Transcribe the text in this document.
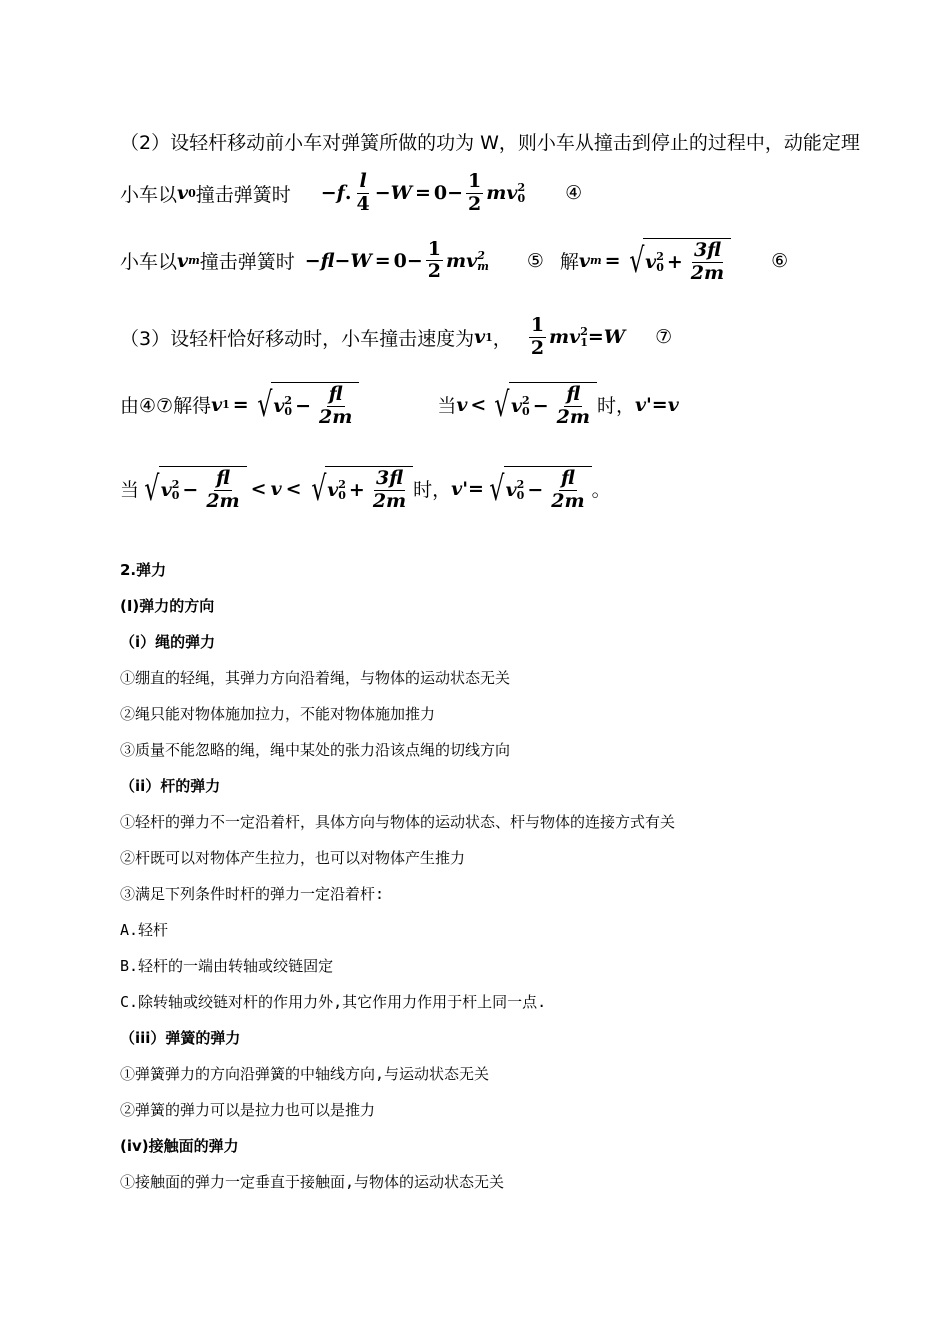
（2）设轻杆移动前小车对弹簧所做的功为 W，则小车从撞击到停止的过程中，动能定理
小车以 v 0 撞击弹簧时 − f . $\frac{l}{4} - W = 0 - \frac{1}{2}$ mv 2
0 ④
小车以 v m 撞击弹簧时 $-fl-W = 0 - \frac{1}{2}$ mv 2
m ⑤ 解 v m = √ v 2
$0 + \frac{3fl}{2m}$ ⑥
（3）设轻杆恰好移动时，小车撞击速度为 v 1 ， $\frac{1}{2}$ mv 2
1 =W ⑦
由④⑦解得 v 1 = √ v 2
$0 - \frac{fl}{2m}$	当 v < √ v 2
$0 - \frac{fl}{2m}$ 时， v'=v
当 √ v 2
$0 - \frac{fl}{2m} < v$ < √ v 2
$0 + \frac{3fl}{2m}$ 时， v'= √ v 2
$0 - \frac{fl}{2m}$ 。
2.弹力
(I)弹力的方向
（i）绳的弹力
①绷直的轻绳，其弹力方向沿着绳，与物体的运动状态无关
②绳只能对物体施加拉力，不能对物体施加推力
③质量不能忽略的绳，绳中某处的张力沿该点绳的切线方向
（ii）杆的弹力
①轻杆的弹力不一定沿着杆，具体方向与物体的运动状态、杆与物体的连接方式有关
②杆既可以对物体产生拉力，也可以对物体产生推力
③满足下列条件时杆的弹力一定沿着杆:
A.轻杆
B.轻杆的一端由转轴或绞链固定
C.除转轴或绞链对杆的作用力外,其它作用力作用于杆上同一点.
（iii）弹簧的弹力
①弹簧弹力的方向沿弹簧的中轴线方向,与运动状态无关
②弹簧的弹力可以是拉力也可以是推力
(iv)接触面的弹力
①接触面的弹力一定垂直于接触面,与物体的运动状态无关
